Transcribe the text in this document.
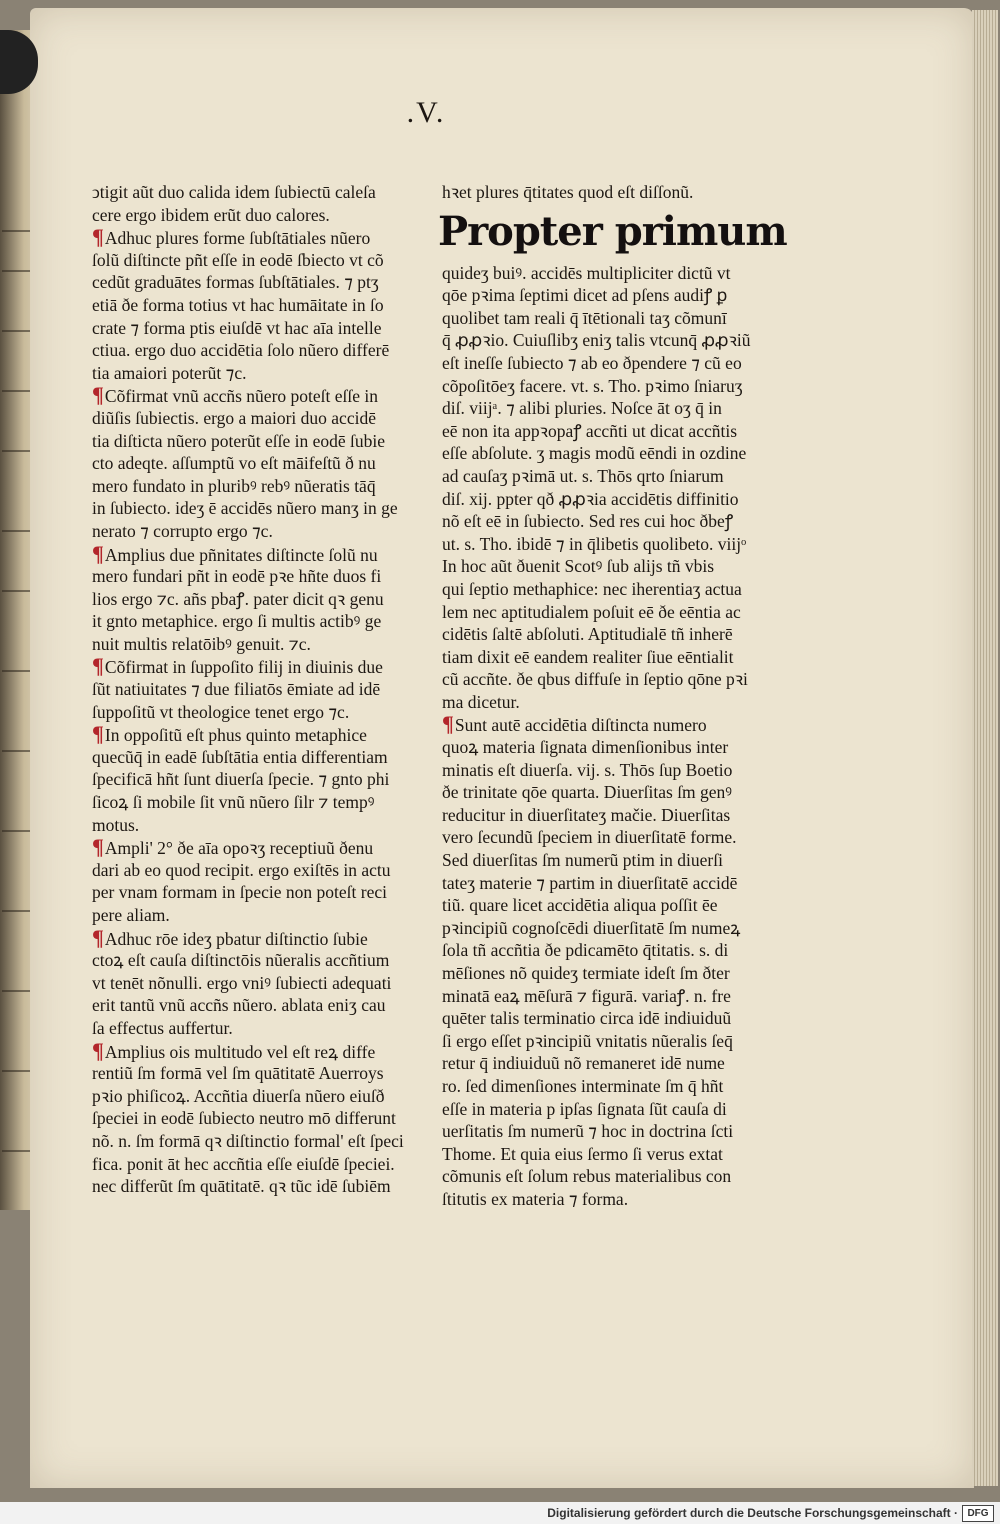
.V.
ↄtigit aũt duo calida idem ſubiectū caleſa
cere ergo ibidem erũt duo calores.
¶Adhuc plures forme ſubſtātiales nũero
ſolũ diſtincte pñt eſſe in eodē ſbiecto vt cõ
cedũt graduātes formas ſubſtātiales. ⁊ ptʒ
etiā ðe forma totius vt hac humāitate in ſo
crate ⁊ forma ptis eiuſdē vt hac aīa intelle
ctiua. ergo duo accidētia ſolo nũero differē
tia amaiori poterũt ⁊c.
¶Cõfirmat vnũ accñs nũero poteſt eſſe in
diũſis ſubiectis. ergo a maiori duo accidē
tia diſticta nũero poterũt eſſe in eodē ſubie
cto adeqte. aſſumptũ vo eſt māifeſtũ ð nu
mero fundato in pluribꝰ rebꝰ nũeratis tāq̄
in ſubiecto. ideʒ ē accidēs nũero manʒ in ge
nerato ⁊ corrupto ergo ⁊c.
¶Amplius due pñnitates diſtincte ſolũ nu
mero fundari pñt in eodē pꝛe hñte duos fi
lios ergo ⁊c. añs pbaꝭ. pater dicit qꝛ genu
it gnto metaphice. ergo ſi multis actibꝰ ge
nuit multis relatōibꝰ genuit. ⁊c.
¶Cõfirmat in ſuppoſito filij in diuinis due
ſũt natiuitates ⁊ due filiatōs ēmiate ad idē
ſuppoſitũ vt theologice tenet ergo ⁊c.
¶In oppoſitũ eſt phus quinto metaphice
quecũq̄ in eadē ſubſtātia entia differentiam
ſpecificā hñt ſunt diuerſa ſpecie. ⁊ gnto phi
ſicoꝝ ſi mobile ſit vnũ nũero ſilr ⁊ tempꝰ
motus.
¶Ampli' 2° ðe aīa opoꝛʒ receptiuũ ðenu
dari ab eo quod recipit. ergo exiſtēs in actu
per vnam formam in ſpecie non poteſt reci
pere aliam.
¶Adhuc rōe ideʒ pbatur diſtinctio ſubie
ctoꝝ eſt cauſa diſtinctōis nũeralis accñtium
vt tenēt nõnulli. ergo vniꝰ ſubiecti adequati
erit tantũ vnũ accñs nũero. ablata eniʒ cau
ſa effectus auffertur.
¶Amplius ois multitudo vel eſt reꝝ diffe
rentiũ ſm formā vel ſm quātitatē Auerroys
pꝛio phiſicoꝝ. Accñtia diuerſa nũero eiuſð
ſpeciei in eodē ſubiecto neutro mō differunt
nõ. n. ſm formā qꝛ diſtinctio formal' eſt ſpeci
fica. ponit āt hec accñtia eſſe eiuſdē ſpeciei.
nec differũt ſm quātitatē. qꝛ tũc idē ſubiēm
hꝛet plures q̄titates quod eſt diſſonũ.
Propter primum
quideʒ buiꝰ. accidēs multipliciter dictũ vt
qōe pꝛima ſeptimi dicet ad pſens audiꝭ ꝑ
quolibet tam reali q̄ ītētionali taʒ cõmunī
q̄ ꝓꝓꝛio. Cuiuſlibʒ eniʒ talis vtcunq̄ ꝓꝓꝛiũ
eſt ineſſe ſubiecto ⁊ ab eo ðpendere ⁊ cũ eo
cõpoſitōeʒ facere. vt. s. Tho. pꝛimo ſniaruʒ
diſ. viijᵃ. ⁊ alibi pluries. Noſce āt oʒ q̄ in
eē non ita appꝛopaꝭ accñti ut dicat accñtis
eſſe abſolute. ʒ magis modũ eēndi in ozdine
ad cauſaʒ pꝛimā ut. s. Thōs qrto ſniarum
diſ. xij. ppter qð ꝓꝓꝛia accidētis diffinitio
nõ eſt eē in ſubiecto. Sed res cui hoc ðbeꝭ
ut. s. Tho. ibidē ⁊ in q̄libetis quolibeto. viijᵒ
In hoc aũt ðuenit Scotꝰ ſub alijs tñ vbis
qui ſeptio methaphice: nec iherentiaʒ actua
lem nec aptitudialem poſuit eē ðe eēntia ac
cidētis ſaltē abſoluti. Aptitudialē tñ inherē
tiam dixit eē eandem realiter ſiue eēntialit
cũ accñte. ðe qbus diffuſe in ſeptio qōne pꝛi
ma dicetur.
¶Sunt autē accidētia diſtincta numero
quoꝝ materia ſignata dimenſionibus inter
minatis eſt diuerſa. vij. s. Thōs ſup Boetio
ðe trinitate qōe quarta. Diuerſitas ſm genꝰ
reducitur in diuerſitateʒ mačie. Diuerſitas
vero ſecundũ ſpeciem in diuerſitatē forme.
Sed diuerſitas ſm numerũ ptim in diuerſi
tateʒ materie ⁊ partim in diuerſitatē accidē
tiũ. quare licet accidētia aliqua poſſit ēe
pꝛincipiũ cognoſcēdi diuerſitatē ſm numeꝝ
ſola tñ accñtia ðe pdicamēto q̄titatis. s. di
mēſiones nõ quideʒ termiate ideſt ſm ðter
minatā eaꝝ mēſurā ⁊ figurā. variaꝭ. n. fre
quēter talis terminatio circa idē indiuiduũ
ſi ergo eſſet pꝛincipiũ vnitatis nũeralis ſeq̄
retur q̄ indiuiduũ nõ remaneret idē nume
ro. ſed dimenſiones interminate ſm q̄ hñt
eſſe in materia p ipſas ſignata ſũt cauſa di
uerſitatis ſm numerũ ⁊ hoc in doctrina ſcti
Thome. Et quia eius ſermo ſi verus extat
cõmunis eſt ſolum rebus materialibus con
ſtitutis ex materia ⁊ forma.
Digitalisierung gefördert durch die Deutsche Forschungsgemeinschaft · DFG
